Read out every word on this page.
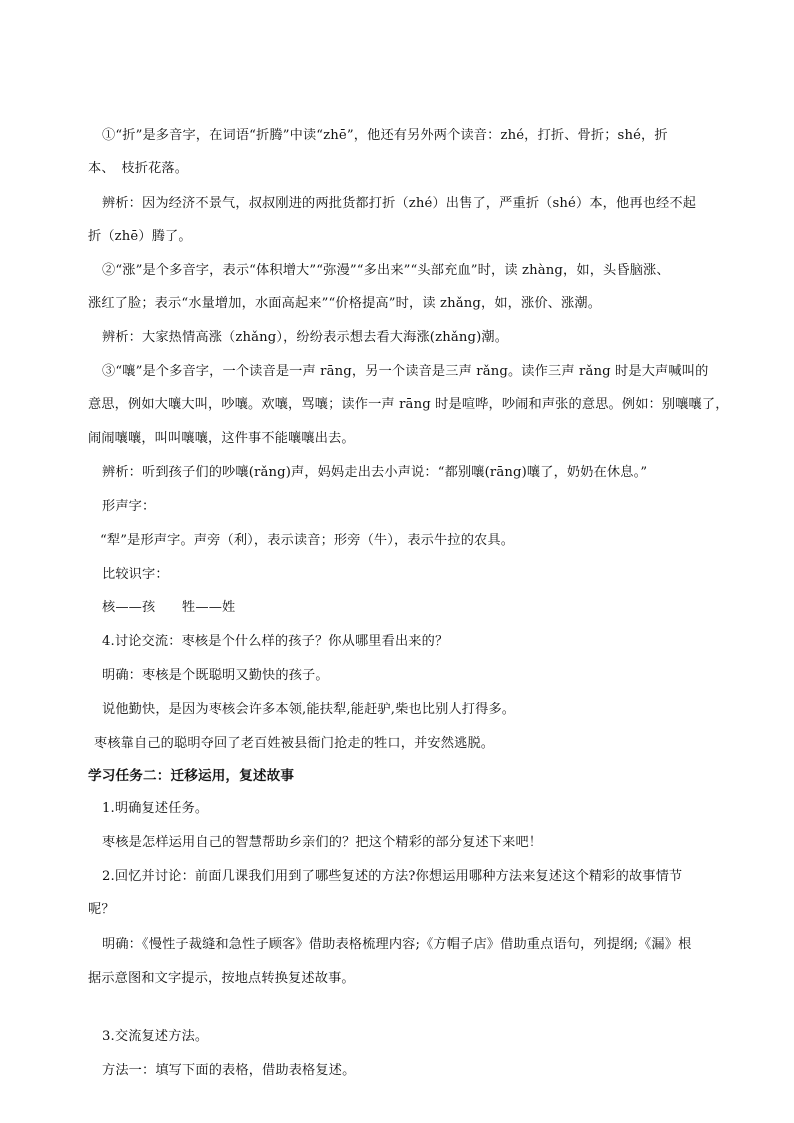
①“折”是多音字，在词语“折腾”中读“zhē”，他还有另外两个读音：zhé，打折、骨折；shé，折
本、　枝折花落。
辨析：因为经济不景气，叔叔刚进的两批货都打折（zhé）出售了，严重折（shé）本，他再也经不起
折（zhē）腾了。
②“涨”是个多音字，表示“体积增大”“弥漫”“多出来”“头部充血”时，读 zhàng，如，头昏脑涨、
涨红了脸；表示“水量增加，水面高起来”“价格提高”时，读 zhǎng，如，涨价、涨潮。
辨析：大家热情高涨（zhǎng），纷纷表示想去看大海涨(zhǎng)潮。
③“嚷”是个多音字，一个读音是一声 rāng，另一个读音是三声 rǎng。读作三声 rǎng 时是大声喊叫的
意思，例如大嚷大叫，吵嚷。欢嚷，骂嚷；读作一声 rāng 时是喧哗，吵闹和声张的意思。例如：别嚷嚷了，
闹闹嚷嚷，叫叫嚷嚷，这件事不能嚷嚷出去。
辨析：听到孩子们的吵嚷(rǎng)声，妈妈走出去小声说：“都别嚷(rāng)嚷了，奶奶在休息。”
形声字：
“犁”是形声字。声旁（利），表示读音；形旁（牛），表示牛拉的农具。
比较识字：
核——孩　　牲——姓
4.讨论交流：枣核是个什么样的孩子？你从哪里看出来的？
明确：枣核是个既聪明又勤快的孩子。
说他勤快，是因为枣核会许多本领,能扶犁,能赶驴,柴也比别人打得多。
枣核靠自己的聪明夺回了老百姓被县衙门抢走的牲口，并安然逃脱。
学习任务二：迁移运用，复述故事
1.明确复述任务。
枣核是怎样运用自己的智慧帮助乡亲们的？把这个精彩的部分复述下来吧！
2.回忆并讨论：前面几课我们用到了哪些复述的方法?你想运用哪种方法来复述这个精彩的故事情节
呢？
明确：《慢性子裁缝和急性子顾客》借助表格梳理内容;《方帽子店》借助重点语句，列提纲;《漏》根
据示意图和文字提示，按地点转换复述故事。
3.交流复述方法。
方法一：填写下面的表格，借助表格复述。
